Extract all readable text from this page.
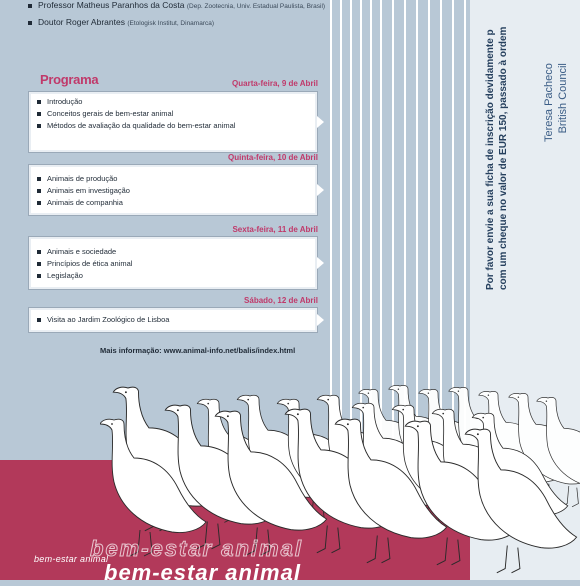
Professor Matheus Paranhos da Costa (Dep. Zootecnia, Univ. Estadual Paulista, Brasil)
Doutor Roger Abrantes (Etologisk Institut, Dinamarca)
Programa	Quarta-feira, 9 de Abril
Introdução
Conceitos gerais de bem-estar animal
Métodos de avaliação da qualidade do bem-estar animal
Quinta-feira, 10 de Abril
Animais de produção
Animais em investigação
Animais de companhia
Sexta-feira, 11 de Abril
Animais e sociedade
Princípios de ética animal
Legislação
Sábado, 12 de Abril
Visita ao Jardim Zoológico de Lisboa
Mais informação: www.animal-info.net/balis/index.html
Por favor envie a sua ficha de inscrição devidamente p com um cheque no valor de EUR 150, passado à ordem	Teresa Pacheco British Council
bem-estar animal
bem-estar animal
bem-estar animal
